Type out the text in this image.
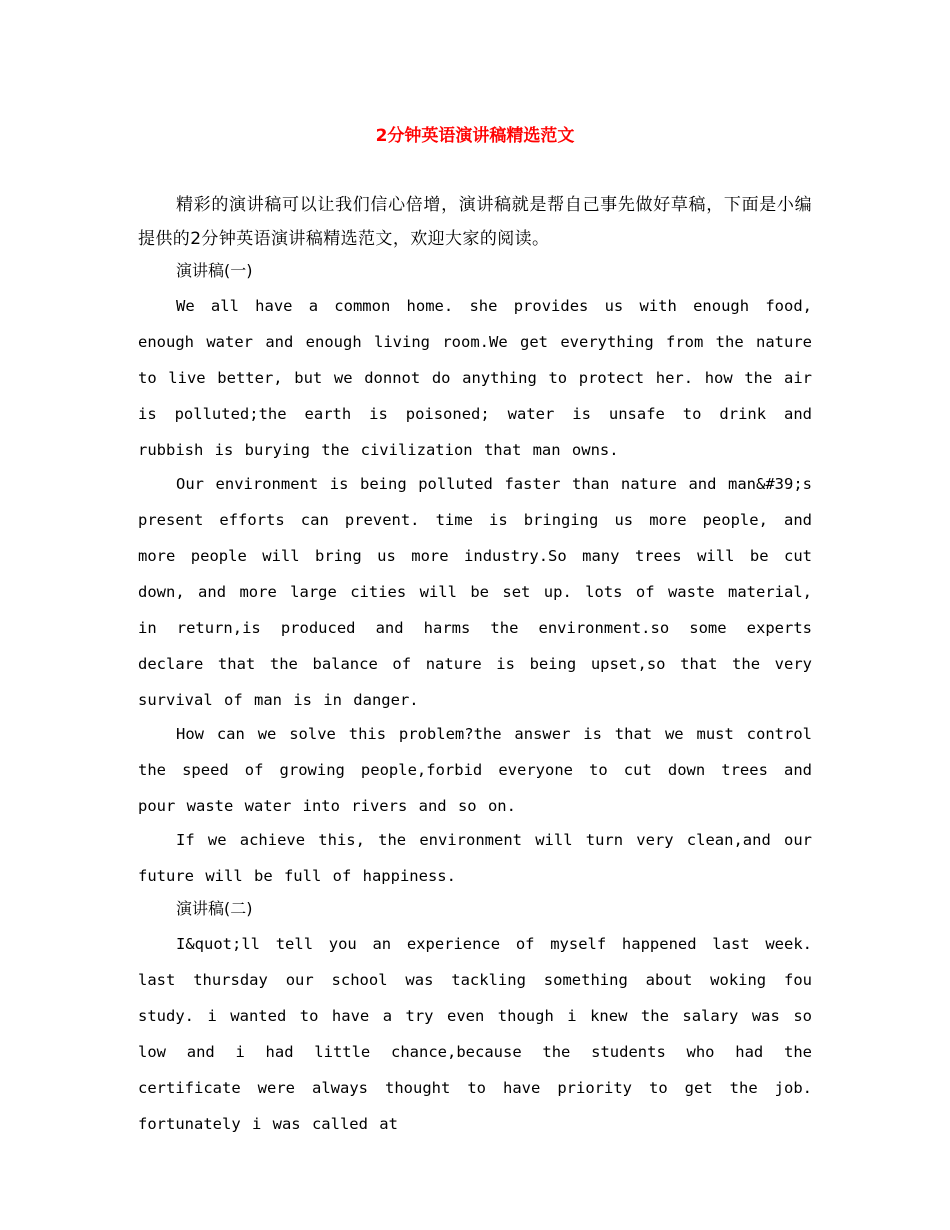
2分钟英语演讲稿精选范文

精彩的演讲稿可以让我们信心倍增，演讲稿就是帮自己事先做好草稿，下面是小编提供的2分钟英语演讲稿精选范文，欢迎大家的阅读。

演讲稿(一)

We all have a common home. she provides us with enough food, enough water and enough living room.We get everything from the nature to live better, but we donnot do anything to protect her. how the air is polluted;the earth is poisoned; water is unsafe to drink and rubbish is burying the civilization that man owns.

Our environment is being polluted faster than nature and man&#39;s present efforts can prevent. time is bringing us more people, and more people will bring us more industry.So many trees will be cut down, and more large cities will be set up. lots of waste material, in return,is produced and harms the environment.so some experts declare that the balance of nature is being upset,so that the very survival of man is in danger.

How can we solve this problem?the answer is that we must control the speed of growing people,forbid everyone to cut down trees and pour waste water into rivers and so on.

If we achieve this, the environment will turn very clean,and our future will be full of happiness.

演讲稿(二)

I&quot;ll tell you an experience of myself happened last week. last thursday our school was tackling something about woking fou study. i wanted to have a try even though i knew the salary was so low and i had little chance,because the students who had the certificate were always thought to have priority to get the job. fortunately i was called at
